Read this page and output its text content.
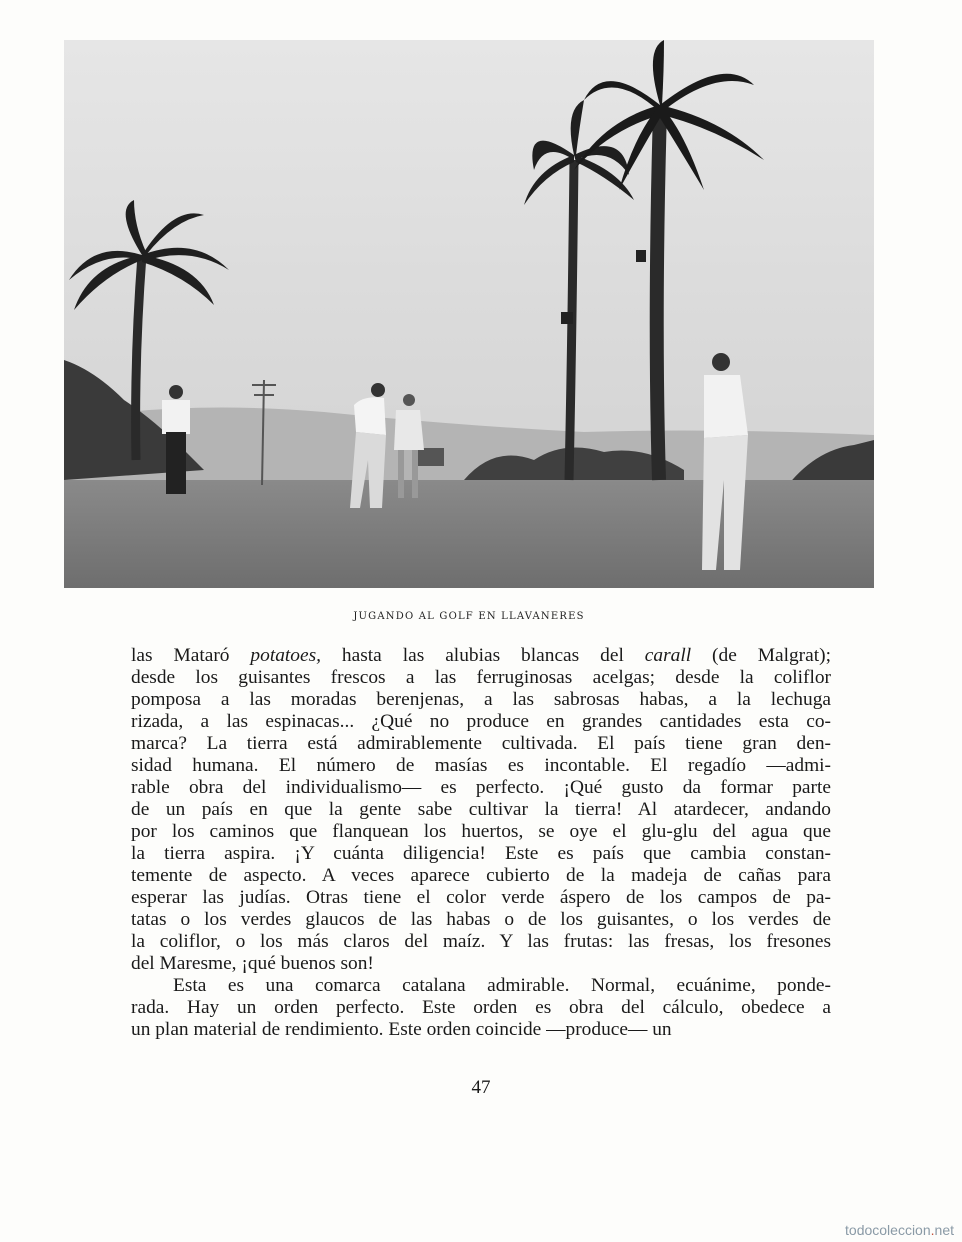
JUGANDO AL GOLF EN LLAVANERES
las Mataró potatoes, hasta las alubias blancas del carall (de Malgrat);
desde los guisantes frescos a las ferruginosas acelgas; desde la coliflor
pomposa a las moradas berenjenas, a las sabrosas habas, a la lechuga
rizada, a las espinacas... ¿Qué no produce en grandes cantidades esta co-
marca? La tierra está admirablemente cultivada. El país tiene gran den-
sidad humana. El número de masías es incontable. El regadío —admi-
rable obra del individualismo— es perfecto. ¡Qué gusto da formar parte
de un país en que la gente sabe cultivar la tierra! Al atardecer, andando
por los caminos que flanquean los huertos, se oye el glu-glu del agua que
la tierra aspira. ¡Y cuánta diligencia! Este es país que cambia constan-
temente de aspecto. A veces aparece cubierto de la madeja de cañas para
esperar las judías. Otras tiene el color verde áspero de los campos de pa-
tatas o los verdes glaucos de las habas o de los guisantes, o los verdes de
la coliflor, o los más claros del maíz. Y las frutas: las fresas, los fresones
del Maresme, ¡qué buenos son!
Esta es una comarca catalana admirable. Normal, ecuánime, ponde-
rada. Hay un orden perfecto. Este orden es obra del cálculo, obedece a
un plan material de rendimiento. Este orden coincide —produce— un
47
todocoleccion.net
